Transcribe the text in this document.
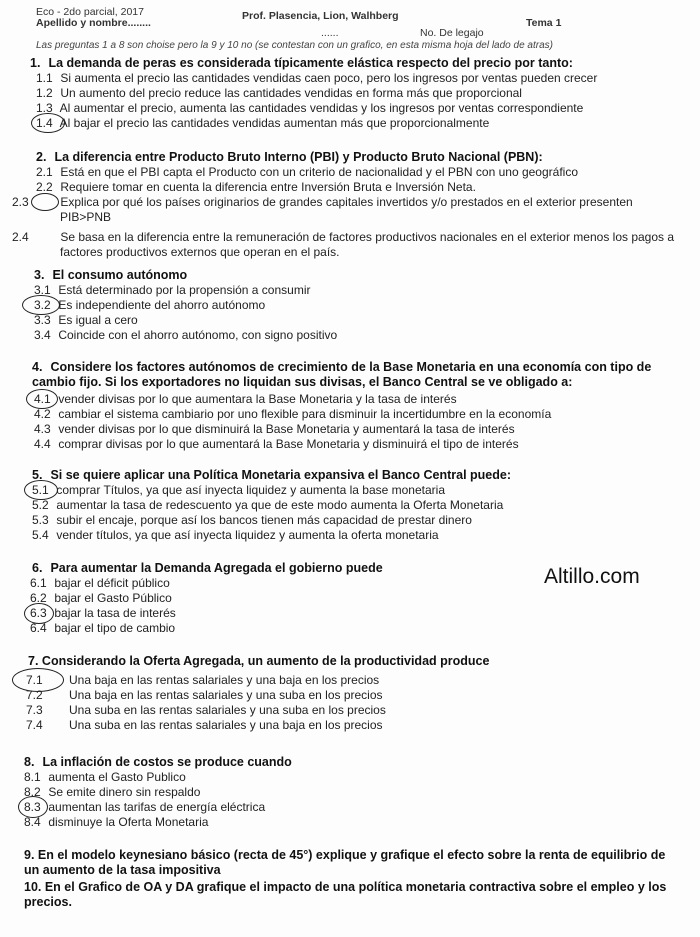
Eco - 2do parcial, 2017	Prof. Plasencia, Lion, Walhberg
Tema 1
Apellido y nombre........
......	No. De legajo
Las preguntas 1 a 8 son choise pero la 9 y 10 no (se contestan con un grafico, en esta misma hoja del lado de atras)
1. La demanda de peras es considerada típicamente elástica respecto del precio por tanto:
1.1 Si aumenta el precio las cantidades vendidas caen poco, pero los ingresos por ventas pueden crecer
1.2 Un aumento del precio reduce las cantidades vendidas en forma más que proporcional
1.3 Al aumentar el precio, aumenta las cantidades vendidas y los ingresos por ventas correspondiente
1.4 Al bajar el precio las cantidades vendidas aumentan más que proporcionalmente
2. La diferencia entre Producto Bruto Interno (PBI) y Producto Bruto Nacional (PBN):
2.1 Está en que el PBI capta el Producto con un criterio de nacionalidad y el PBN con uno geográfico
2.2 Requiere tomar en cuenta la diferencia entre Inversión Bruta e Inversión Neta.
2.3	Explica por qué los países originarios de grandes capitales invertidos y/o prestados en el exterior presenten PIB>PNB
2.4	Se basa en la diferencia entre la remuneración de factores productivos nacionales en el exterior menos los pagos a factores productivos externos que operan en el país.
3. El consumo autónomo
3.1 Está determinado por la propensión a consumir
3.2 Es independiente del ahorro autónomo
3.3 Es igual a cero
3.4 Coincide con el ahorro autónomo, con signo positivo
4. Considere los factores autónomos de crecimiento de la Base Monetaria en una economía con tipo de cambio fijo. Si los exportadores no liquidan sus divisas, el Banco Central se ve obligado a:
4.1 vender divisas por lo que aumentara la Base Monetaria y la tasa de interés
4.2 cambiar el sistema cambiario por uno flexible para disminuir la incertidumbre en la economía
4.3 vender divisas por lo que disminuirá la Base Monetaria y aumentará la tasa de interés
4.4 comprar divisas por lo que aumentará la Base Monetaria y disminuirá el tipo de interés
5. Si se quiere aplicar una Política Monetaria expansiva el Banco Central puede:
5.1 comprar Títulos, ya que así inyecta liquidez y aumenta la base monetaria
5.2 aumentar la tasa de redescuento ya que de este modo aumenta la Oferta Monetaria
5.3 subir el encaje, porque así los bancos tienen más capacidad de prestar dinero
5.4 vender títulos, ya que así inyecta liquidez y aumenta la oferta monetaria
6. Para aumentar la Demanda Agregada el gobierno puede
6.1 bajar el déficit público
6.2 bajar el Gasto Público
6.3 bajar la tasa de interés
6.4 bajar el tipo de cambio
Altillo.com
7. Considerando la Oferta Agregada, un aumento de la productividad produce
7.1 Una baja en las rentas salariales y una baja en los precios
7.2 Una baja en las rentas salariales y una suba en los precios
7.3 Una suba en las rentas salariales y una suba en los precios
7.4 Una suba en las rentas salariales y una baja en los precios
8. La inflación de costos se produce cuando
8.1 aumenta el Gasto Publico
8.2 Se emite dinero sin respaldo
8.3 aumentan las tarifas de energía eléctrica
8.4 disminuye la Oferta Monetaria
9. En el modelo keynesiano básico (recta de 45°) explique y grafique el efecto sobre la renta de equilibrio de un aumento de la tasa impositiva
10. En el Grafico de OA y DA grafique el impacto de una política monetaria contractiva sobre el empleo y los precios.
